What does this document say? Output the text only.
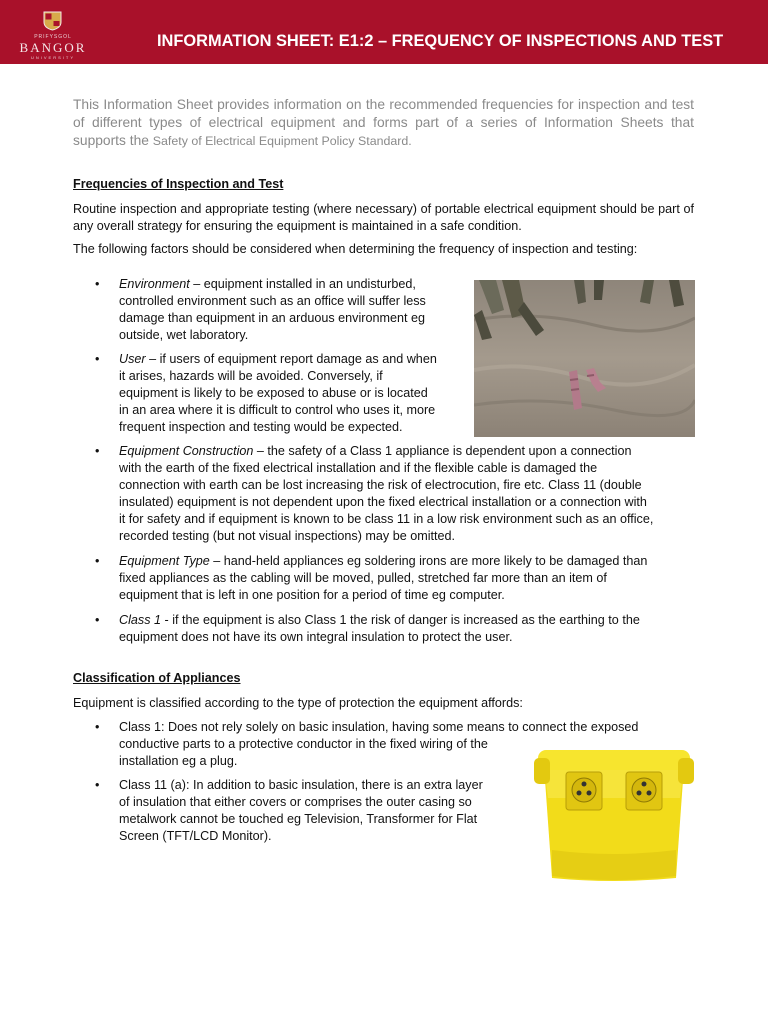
PRIFYSGOL
BANGOR
UNIVERSITY
INFORMATION SHEET: E1:2 – FREQUENCY OF INSPECTIONS AND TEST
This Information Sheet provides information on the recommended frequencies for inspection and test of different types of electrical equipment and forms part of a series of Information Sheets that supports the Safety of Electrical Equipment Policy Standard.
Frequencies of Inspection and Test
Routine inspection and appropriate testing (where necessary) of portable electrical equipment should be part of any overall strategy for ensuring the equipment is maintained in a safe condition.
The following factors should be considered when determining the frequency of inspection and testing:
• Environment – equipment installed in an undisturbed,
controlled environment such as an office will suffer less
damage than equipment in an arduous environment eg
outside, wet laboratory.
• User – if users of equipment report damage as and when
it arises, hazards will be avoided. Conversely, if
equipment is likely to be exposed to abuse or is located
in an area where it is difficult to control who uses it, more
frequent inspection and testing would be expected.
• Equipment Construction – the safety of a Class 1 appliance is dependent upon a connection
with the earth of the fixed electrical installation and if the flexible cable is damaged the
connection with earth can be lost increasing the risk of electrocution, fire etc. Class 11 (double
insulated) equipment is not dependent upon the fixed electrical installation or a connection with
it for safety and if equipment is known to be class 11 in a low risk environment such as an office,
recorded testing (but not visual inspections) may be omitted.
• Equipment Type – hand-held appliances eg soldering irons are more likely to be damaged than
fixed appliances as the cabling will be moved, pulled, stretched far more than an item of
equipment that is left in one position for a period of time eg computer.
• Class 1 - if the equipment is also Class 1 the risk of danger is increased as the earthing to the
equipment does not have its own integral insulation to protect the user.
Classification of Appliances
Equipment is classified according to the type of protection the equipment affords:
• Class 1: Does not rely solely on basic insulation, having some means to connect the exposed
conductive parts to a protective conductor in the fixed wiring of the
installation eg a plug.
• Class 11 (a): In addition to basic insulation, there is an extra layer
of insulation that either covers or comprises the outer casing so
metalwork cannot be touched eg Television, Transformer for Flat
Screen (TFT/LCD Monitor).
